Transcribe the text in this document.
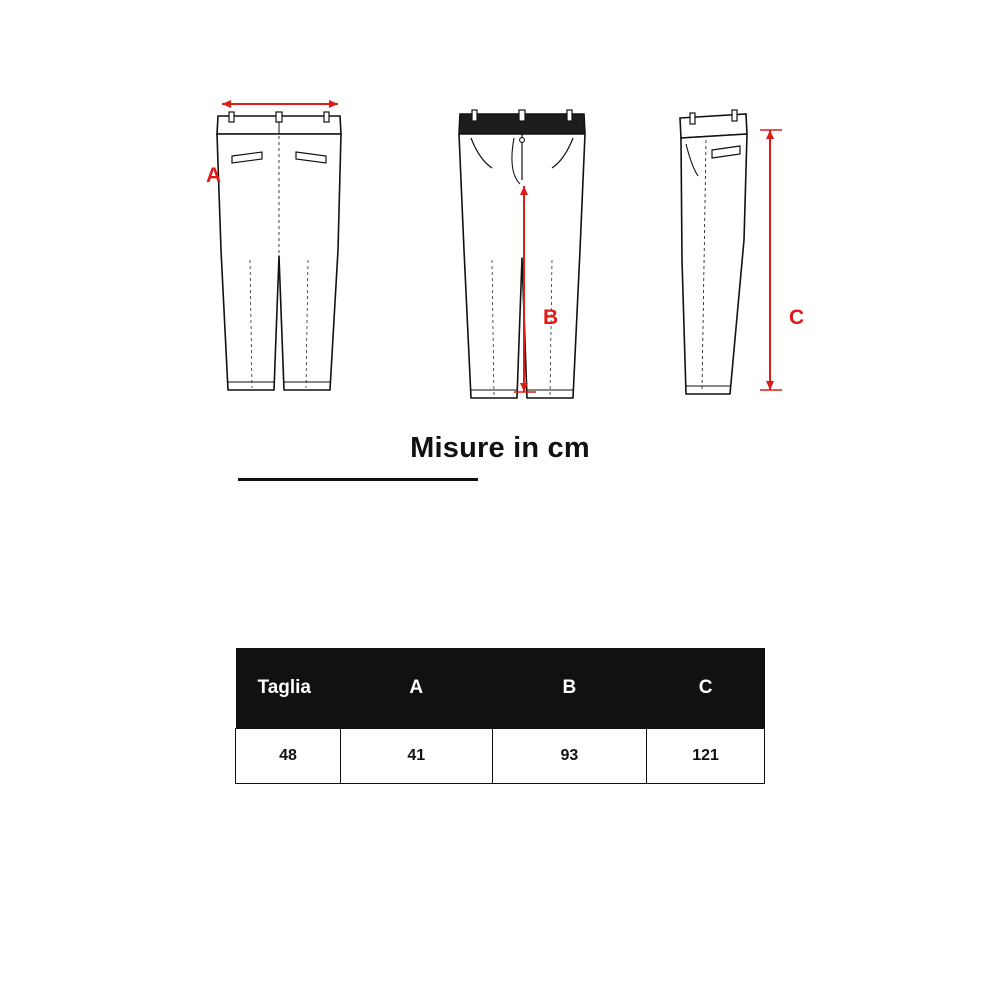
A
B	C
Misure in cm
Taglia	A	B	C
48	41	93	121
